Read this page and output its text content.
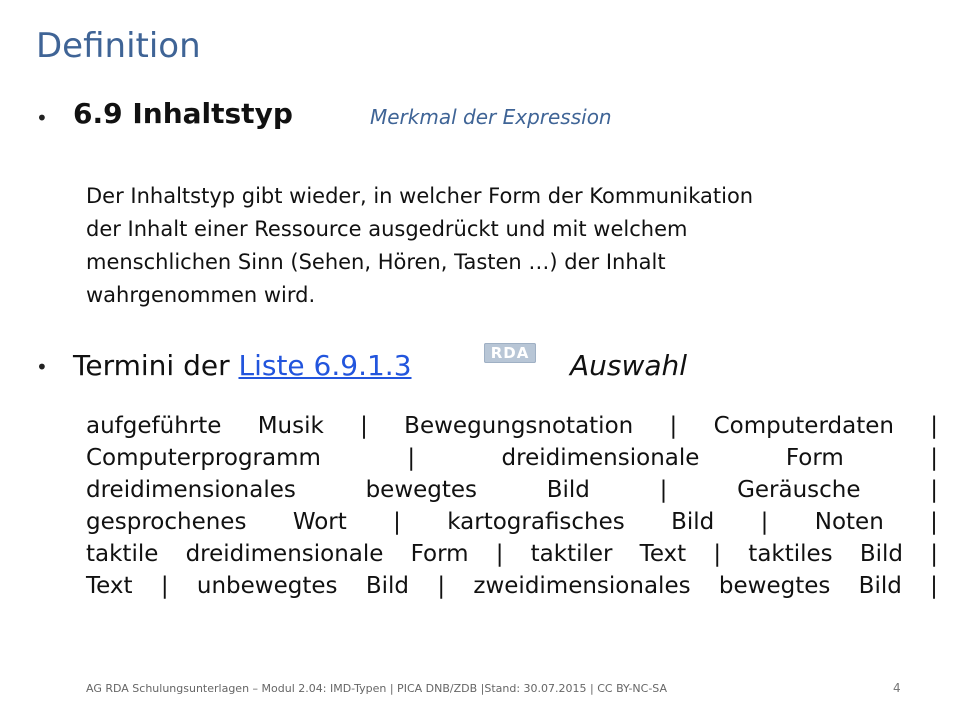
Definition
• 6.9 Inhaltstyp	Merkmal der Expression
Der Inhaltstyp gibt wieder, in welcher Form der Kommunikation
der Inhalt einer Ressource ausgedrückt und mit welchem
menschlichen Sinn (Sehen, Hören, Tasten …) der Inhalt
wahrgenommen wird.
• Termini der Liste 6.9.1.3	RDA Auswahl
aufgeführte Musik | Bewegungsnotation | Computerdaten |
Computerprogramm	|	dreidimensionale	Form	|
dreidimensionales	bewegtes	Bild	|	Geräusche	|
gesprochenes Wort | kartografisches Bild | Noten |
taktile dreidimensionale Form | taktiler Text | taktiles Bild |
Text | unbewegtes Bild | zweidimensionales bewegtes Bild |
AG RDA Schulungsunterlagen – Modul 2.04: IMD-Typen | PICA DNB/ZDB |Stand: 30.07.2015 | CC BY-NC-SA	4
